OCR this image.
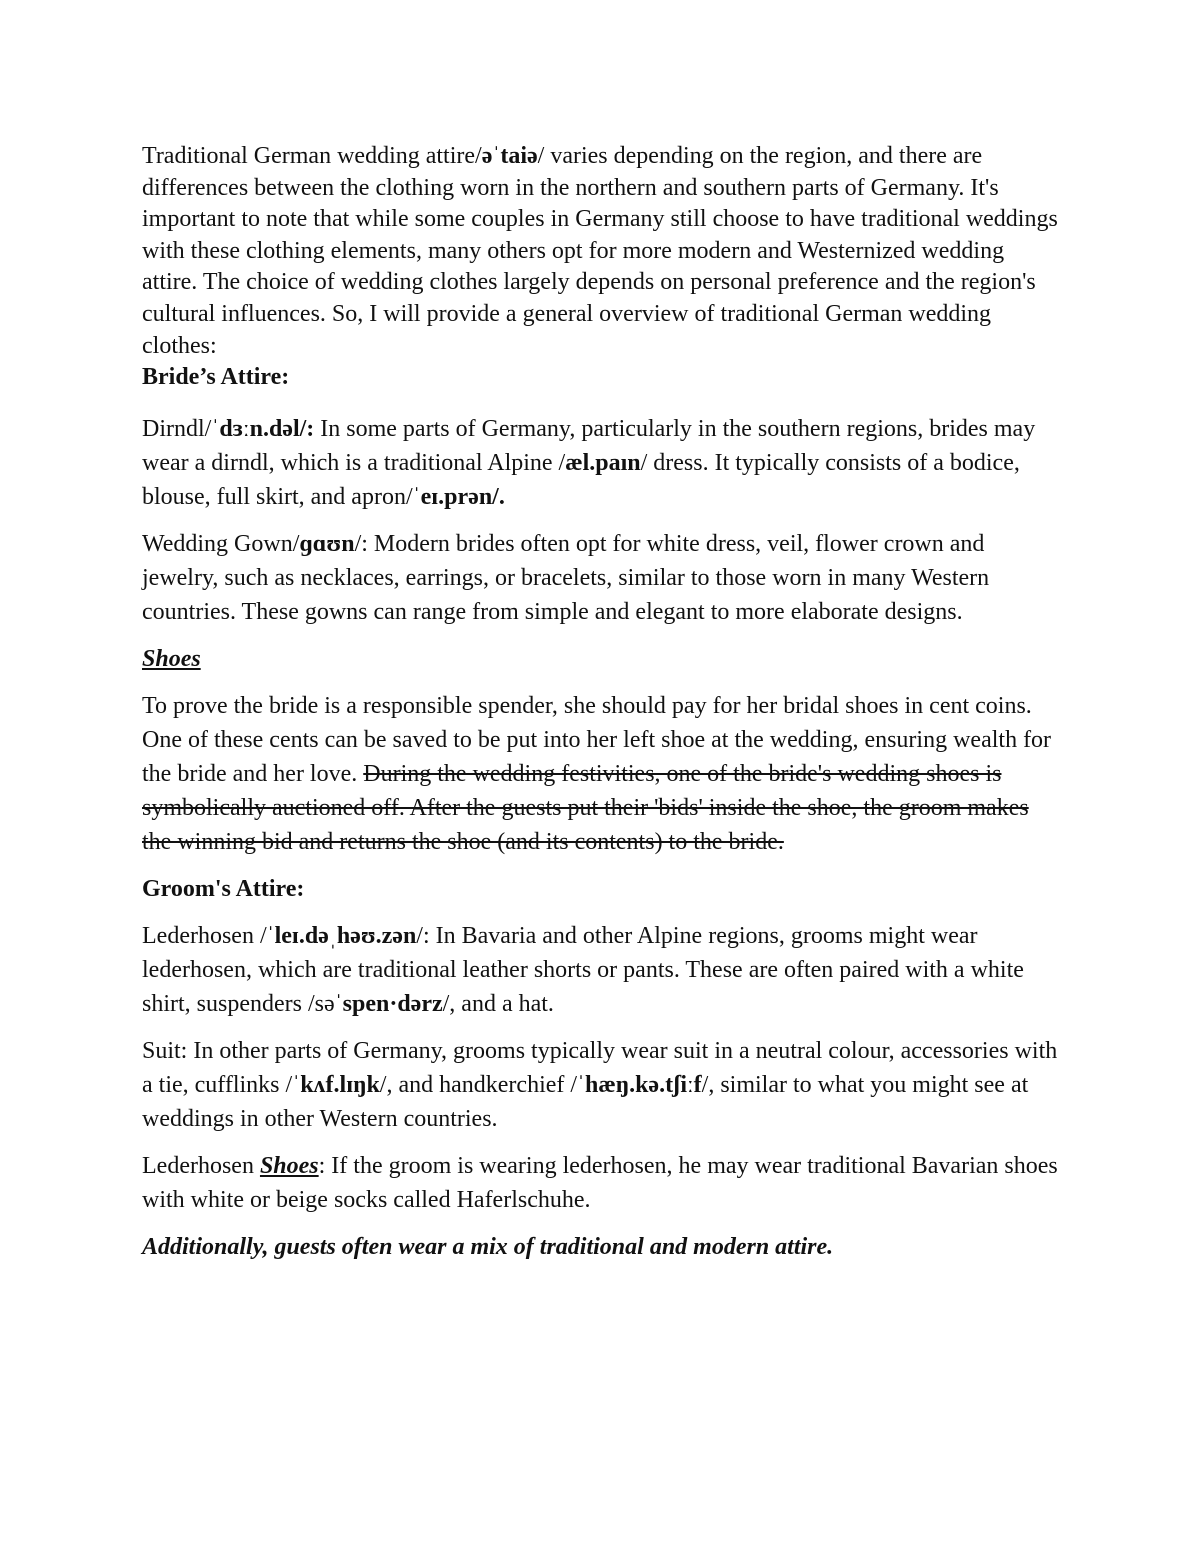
Traditional German wedding attire/əˈtaiə/ varies depending on the region, and there are differences between the clothing worn in the northern and southern parts of Germany. It's important to note that while some couples in Germany still choose to have traditional weddings with these clothing elements, many others opt for more modern and Westernized wedding attire. The choice of wedding clothes largely depends on personal preference and the region's cultural influences. So, I will provide a general overview of traditional German wedding clothes:

Bride’s Attire:

Dirndl/ˈdɜːn.dəl/: In some parts of Germany, particularly in the southern regions, brides may wear a dirndl, which is a traditional Alpine /æl.paın/ dress. It typically consists of a bodice, blouse, full skirt, and apron/ˈeɪ.prən/.

Wedding Gown/ɡɑʊn/: Modern brides often opt for white dress, veil, flower crown and jewelry, such as necklaces, earrings, or bracelets, similar to those worn in many Western countries. These gowns can range from simple and elegant to more elaborate designs.

Shoes

To prove the bride is a responsible spender, she should pay for her bridal shoes in cent coins. One of these cents can be saved to be put into her left shoe at the wedding, ensuring wealth for the bride and her love. During the wedding festivities, one of the bride's wedding shoes is symbolically auctioned off. After the guests put their 'bids' inside the shoe, the groom makes the winning bid and returns the shoe (and its contents) to the bride.

Groom's Attire:

Lederhosen /ˈleɪ.dəˌhəʊ.zən/: In Bavaria and other Alpine regions, grooms might wear lederhosen, which are traditional leather shorts or pants. These are often paired with a white shirt, suspenders /səˈspen·dərz/, and a hat.

Suit: In other parts of Germany, grooms typically wear suit in a neutral colour, accessories with a tie, cufflinks /ˈkʌf.lɪŋk/, and handkerchief /ˈhæŋ.kə.tʃiːf/, similar to what you might see at weddings in other Western countries.

Lederhosen Shoes: If the groom is wearing lederhosen, he may wear traditional Bavarian shoes with white or beige socks called Haferlschuhe.

Additionally, guests often wear a mix of traditional and modern attire.
